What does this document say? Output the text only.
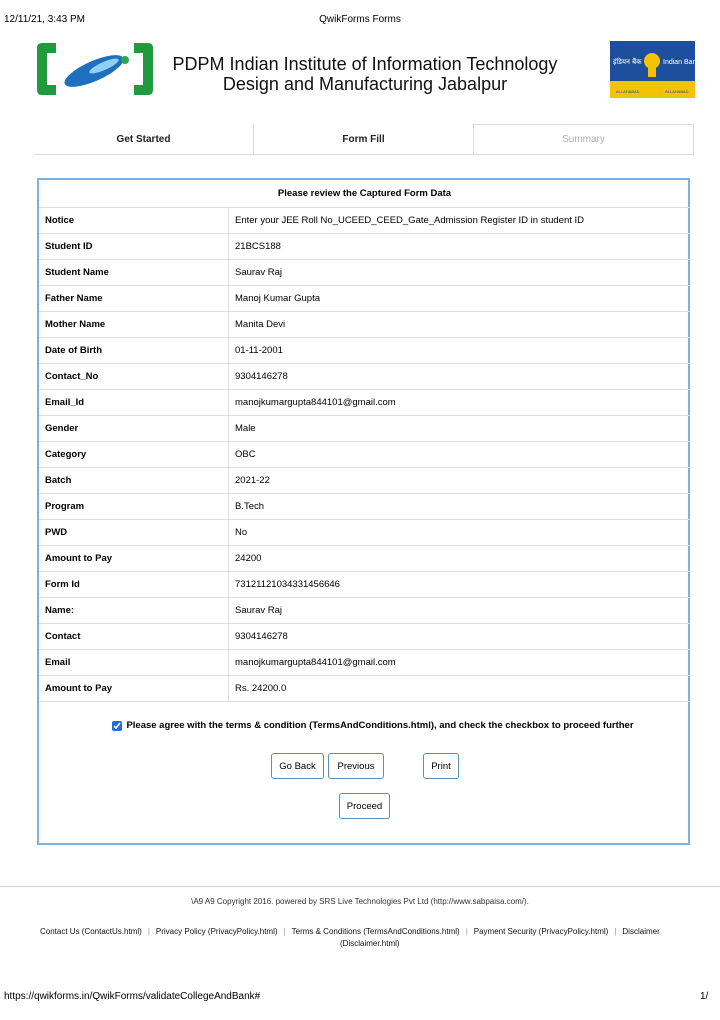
12/11/21, 3:43 PM	QwikForms Forms
PDPM Indian Institute of Information Technology
Design and Manufacturing Jabalpur
इंडियन बैंक	Indian Bank
ALLAHABAD	ALLAHABAD
Get Started	Form Fill	Summary
Please review the Captured Form Data	
Notice	Enter your JEE Roll No_UCEED_CEED_Gate_Admission Register ID in student ID
Student ID	21BCS188
Student Name	Saurav Raj
Father Name	Manoj Kumar Gupta
Mother Name	Manita Devi
Date of Birth	01-11-2001
Contact_No	9304146278
Email_Id	manojkumargupta844101@gmail.com
Gender	Male
Category	OBC
Batch	2021-22
Program	B.Tech
PWD	No
Amount to Pay	24200
Form Id	73121121034331456646
Name:	Saurav Raj
Contact	9304146278
Email	manojkumargupta844101@gmail.com
Amount to Pay	Rs. 24200.0
Please agree with the terms & condition (TermsAndConditions.html), and check the checkbox to proceed further
Go Back	Previous	Print
Proceed
\A9 A9 Copyright 2016. powered by SRS Live Technologies Pvt Ltd (http://www.sabpaisa.com/).
Contact Us (ContactUs.html) | Privacy Policy (PrivacyPolicy.html) | Terms & Conditions (TermsAndConditions.html) | Payment Security (PrivacyPolicy.html) | Disclaimer
(Disclaimer.html)
https://qwikforms.in/QwikForms/validateCollegeAndBank#	1/
